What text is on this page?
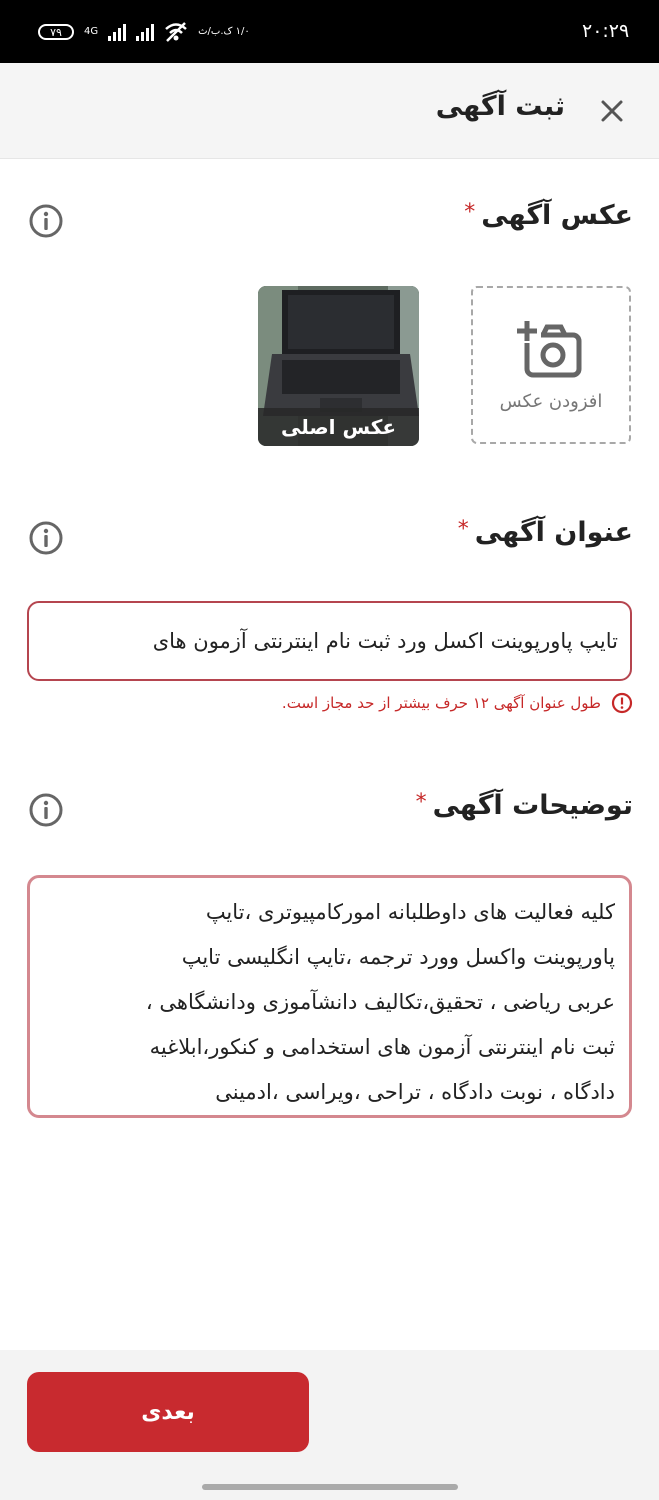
۷۹ 4G	۱/۰ ک.ب/ث	۲۰:۲۹
ثبت آگهی
عکس آگهی*
افزودن عکس
عکس اصلی
عنوان آگهی*
تایپ پاورپوینت اکسل ورد ثبت نام اینترنتی آزمون های
طول عنوان آگهی ۱۲ حرف بیشتر از حد مجاز است.
توضیحات آگهی*
کلیه فعالیت های داوطلبانه امورکامپیوتری ،تایپ
پاورپوینت واکسل وورد ترجمه ،تایپ انگلیسی تایپ
عربی ریاضی ، تحقیق،تکالیف دانشآموزی ودانشگاهی ،
ثبت نام اینترنتی آزمون های استخدامی و کنکور،ابلاغیه
دادگاه ، نوبت دادگاه ، تراحی ،ویراسی ،ادمینی
بعدی
